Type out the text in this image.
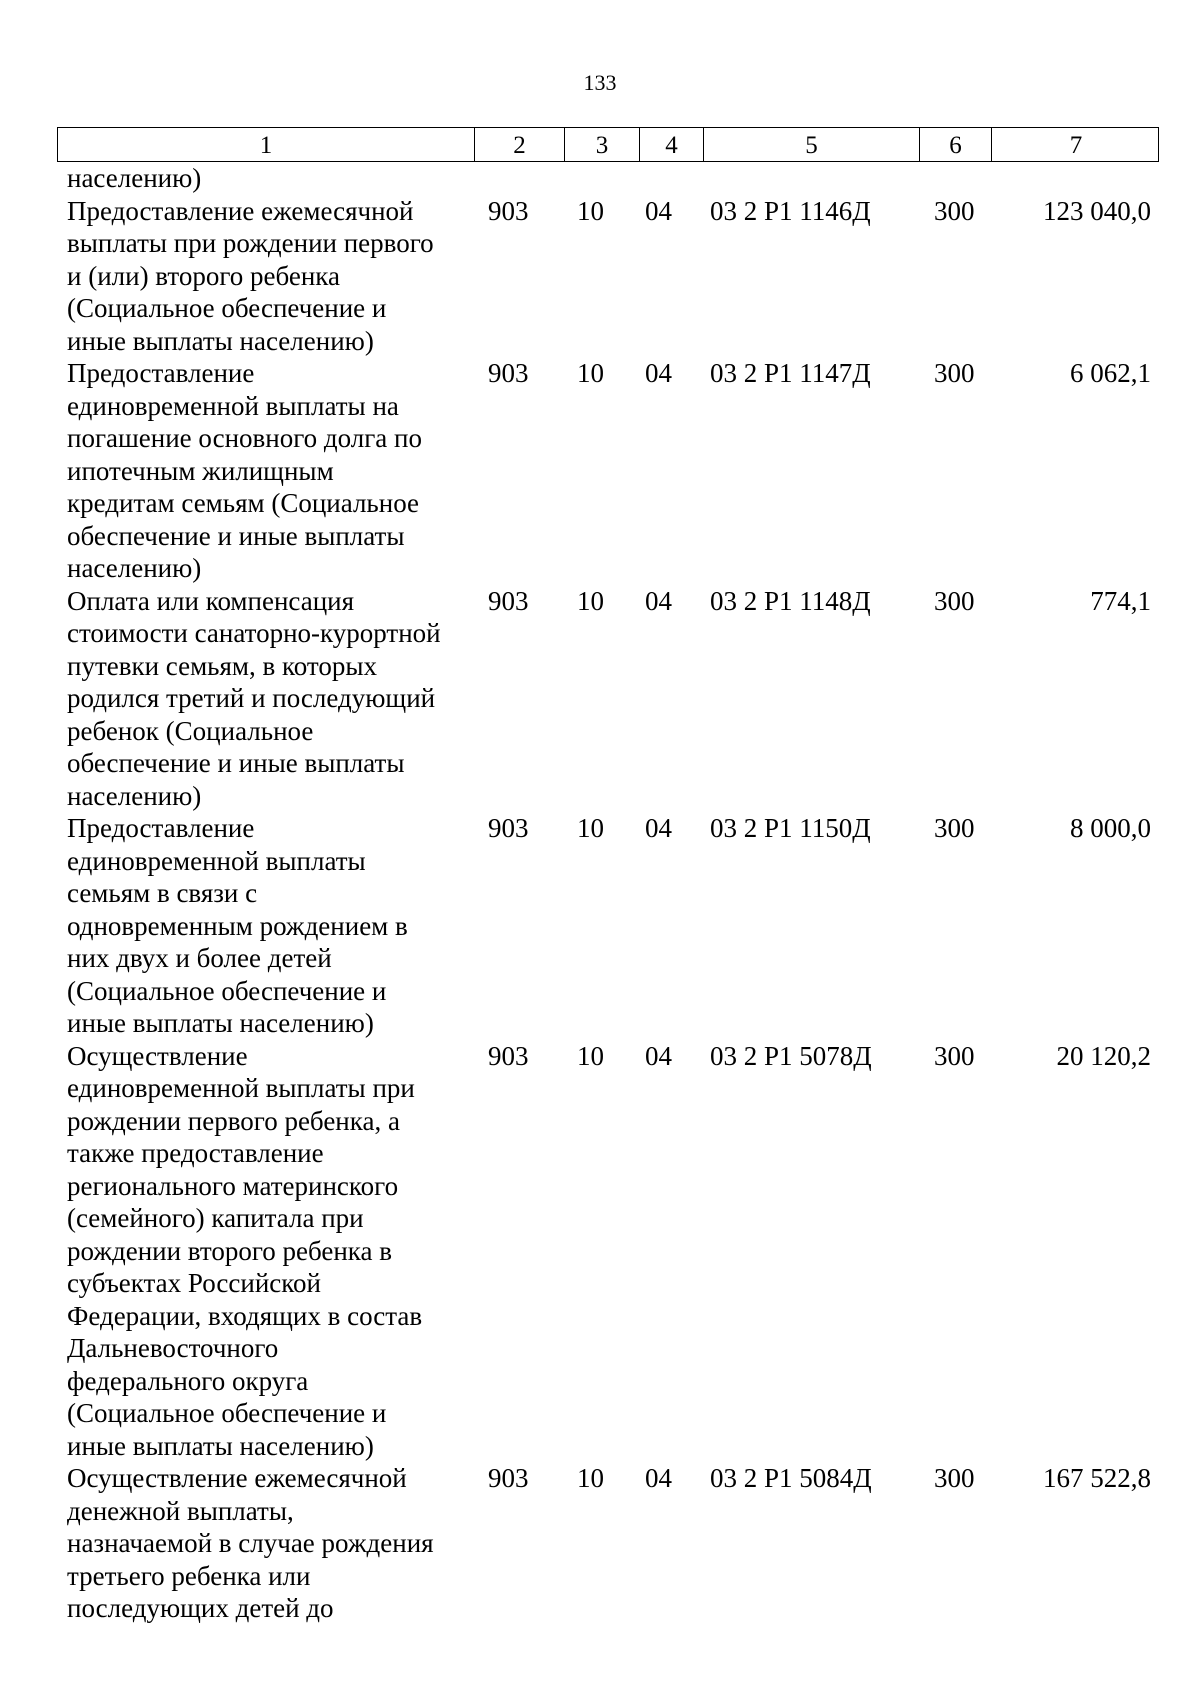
133
1	2	3	4	5	6	7
населению)
Предоставление ежемесячной
выплаты при рождении первого
и (или) второго ребенка
(Социальное обеспечение и
иные выплаты населению)
903	10	04	03 2 Р1 1146Д	300	123 040,0
Предоставление
единовременной выплаты на
погашение основного долга по
ипотечным жилищным
кредитам семьям (Социальное
обеспечение и иные выплаты
населению)
903	10	04	03 2 Р1 1147Д	300	6 062,1
Оплата или компенсация
стоимости санаторно-курортной
путевки семьям, в которых
родился третий и последующий
ребенок (Социальное
обеспечение и иные выплаты
населению)
903	10	04	03 2 Р1 1148Д	300	774,1
Предоставление
единовременной выплаты
семьям в связи с
одновременным рождением в
них двух и более детей
(Социальное обеспечение и
иные выплаты населению)
903	10	04	03 2 Р1 1150Д	300	8 000,0
Осуществление
единовременной выплаты при
рождении первого ребенка, а
также предоставление
регионального материнского
(семейного) капитала при
рождении второго ребенка в
субъектах Российской
Федерации, входящих в состав
Дальневосточного
федерального округа
(Социальное обеспечение и
иные выплаты населению)
903	10	04	03 2 Р1 5078Д	300	20 120,2
Осуществление ежемесячной
денежной выплаты,
назначаемой в случае рождения
третьего ребенка или
последующих детей до
903	10	04	03 2 Р1 5084Д	300	167 522,8
